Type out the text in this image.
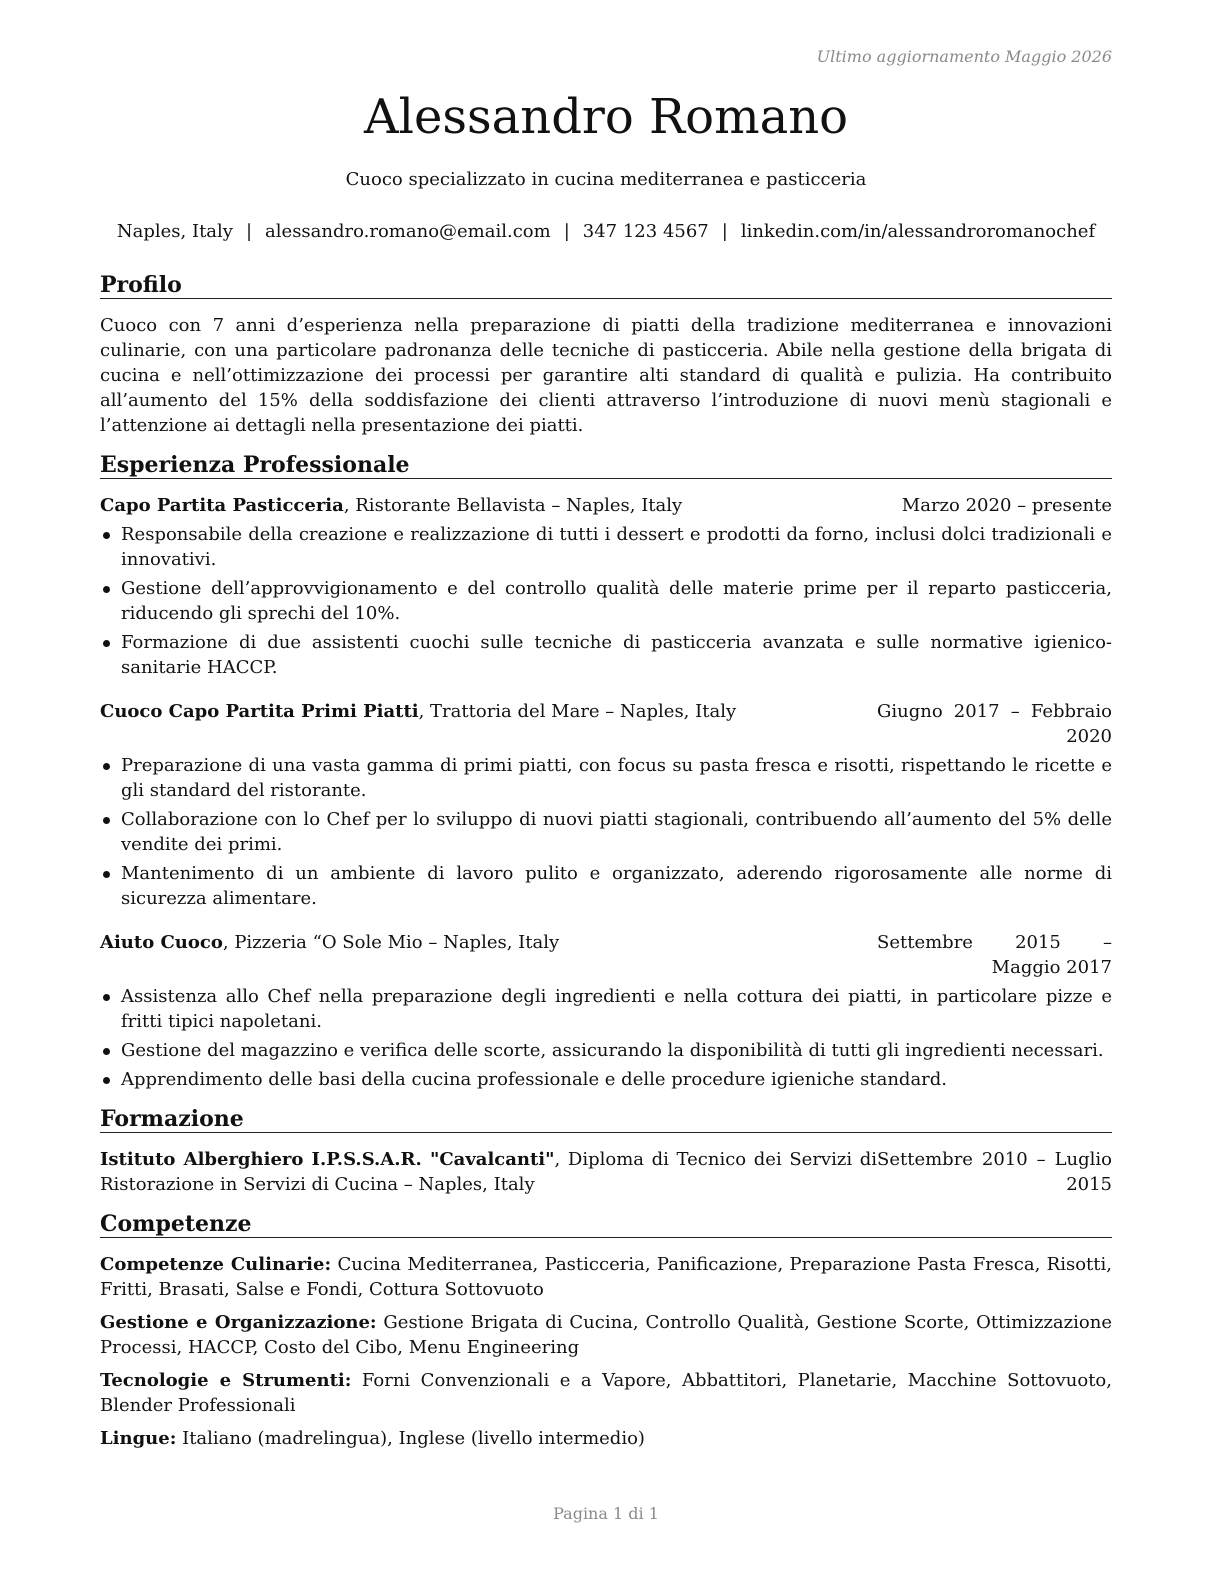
Ultimo aggiornamento Maggio 2026
Alessandro Romano
Cuoco specializzato in cucina mediterranea e pasticceria
Naples, Italy | alessandro.romano@email.com | 347 123 4567 | linkedin.com/in/alessandroromanochef
Profilo
Cuoco con 7 anni d’esperienza nella preparazione di piatti della tradizione mediterranea e innovazioni culinarie, con una particolare padronanza delle tecniche di pasticceria. Abile nella gestione della brigata di cucina e nell’ottimizzazione dei processi per garantire alti standard di qualità e pulizia. Ha contribuito all’aumento del 15% della soddisfazione dei clienti attraverso l’introduzione di nuovi menù stagionali e l’attenzione ai dettagli nella presentazione dei piatti.
Esperienza Professionale
Capo Partita Pasticceria, Ristorante Bellavista – Naples, Italy	Marzo 2020 – presente
Responsabile della creazione e realizzazione di tutti i dessert e prodotti da forno, inclusi dolci tradizionali e innovativi.
Gestione dell’approvvigionamento e del controllo qualità delle materie prime per il reparto pasticceria, riducendo gli sprechi del 10%.
Formazione di due assistenti cuochi sulle tecniche di pasticceria avanzata e sulle normative igienico-sanitarie HACCP.
Cuoco Capo Partita Primi Piatti, Trattoria del Mare – Naples, Italy	Giugno 2017 – Febbraio 2020
Preparazione di una vasta gamma di primi piatti, con focus su pasta fresca e risotti, rispettando le ricette e gli standard del ristorante.
Collaborazione con lo Chef per lo sviluppo di nuovi piatti stagionali, contribuendo all’aumento del 5% delle vendite dei primi.
Mantenimento di un ambiente di lavoro pulito e organizzato, aderendo rigorosamente alle norme di sicurezza alimentare.
Aiuto Cuoco, Pizzeria “O Sole Mio – Naples, Italy	Settembre 2015 – Maggio 2017
Assistenza allo Chef nella preparazione degli ingredienti e nella cottura dei piatti, in particolare pizze e fritti tipici napoletani.
Gestione del magazzino e verifica delle scorte, assicurando la disponibilità di tutti gli ingredienti necessari.
Apprendimento delle basi della cucina professionale e delle procedure igieniche standard.
Formazione
Istituto Alberghiero I.P.S.S.A.R. "Cavalcanti", Diploma di Tecnico dei Servizi di Ristorazione in Servizi di Cucina – Naples, Italy
Settembre 2010 – Luglio 2015
Competenze
Competenze Culinarie: Cucina Mediterranea, Pasticceria, Panificazione, Preparazione Pasta Fresca, Risotti, Fritti, Brasati, Salse e Fondi, Cottura Sottovuoto
Gestione e Organizzazione: Gestione Brigata di Cucina, Controllo Qualità, Gestione Scorte, Ottimizzazione Processi, HACCP, Costo del Cibo, Menu Engineering
Tecnologie e Strumenti: Forni Convenzionali e a Vapore, Abbattitori, Planetarie, Macchine Sottovuoto, Blender Professionali
Lingue: Italiano (madrelingua), Inglese (livello intermedio)
Pagina 1 di 1
